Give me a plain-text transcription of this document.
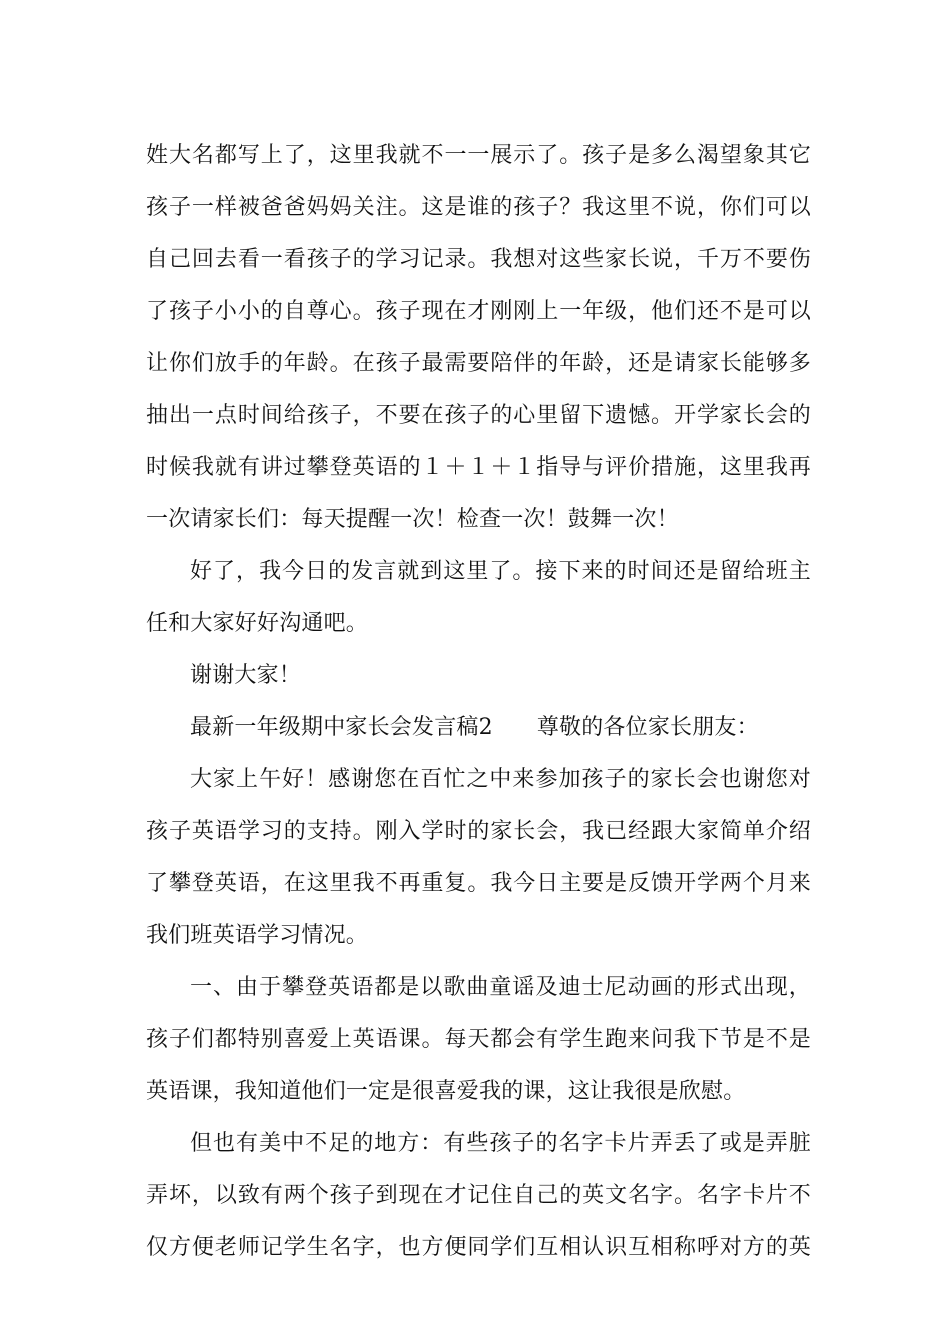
姓大名都写上了，这里我就不一一展示了。孩子是多么渴望象其它
孩子一样被爸爸妈妈关注。这是谁的孩子？我这里不说，你们可以
自己回去看一看孩子的学习记录。我想对这些家长说，千万不要伤
了孩子小小的自尊心。孩子现在才刚刚上一年级，他们还不是可以
让你们放手的年龄。在孩子最需要陪伴的年龄，还是请家长能够多
抽出一点时间给孩子，不要在孩子的心里留下遗憾。开学家长会的
时候我就有讲过攀登英语的１＋１＋１指导与评价措施，这里我再
一次请家长们：每天提醒一次！检查一次！鼓舞一次！
好了，我今日的发言就到这里了。接下来的时间还是留给班主
任和大家好好沟通吧。
谢谢大家！
最新一年级期中家长会发言稿2 尊敬的各位家长朋友：
大家上午好！感谢您在百忙之中来参加孩子的家长会也谢您对
孩子英语学习的支持。刚入学时的家长会，我已经跟大家简单介绍
了攀登英语，在这里我不再重复。我今日主要是反馈开学两个月来
我们班英语学习情况。
一、由于攀登英语都是以歌曲童谣及迪士尼动画的形式出现，
孩子们都特别喜爱上英语课。每天都会有学生跑来问我下节是不是
英语课，我知道他们一定是很喜爱我的课，这让我很是欣慰。
但也有美中不足的地方：有些孩子的名字卡片弄丢了或是弄脏
弄坏，以致有两个孩子到现在才记住自己的英文名字。名字卡片不
仅方便老师记学生名字，也方便同学们互相认识互相称呼对方的英
